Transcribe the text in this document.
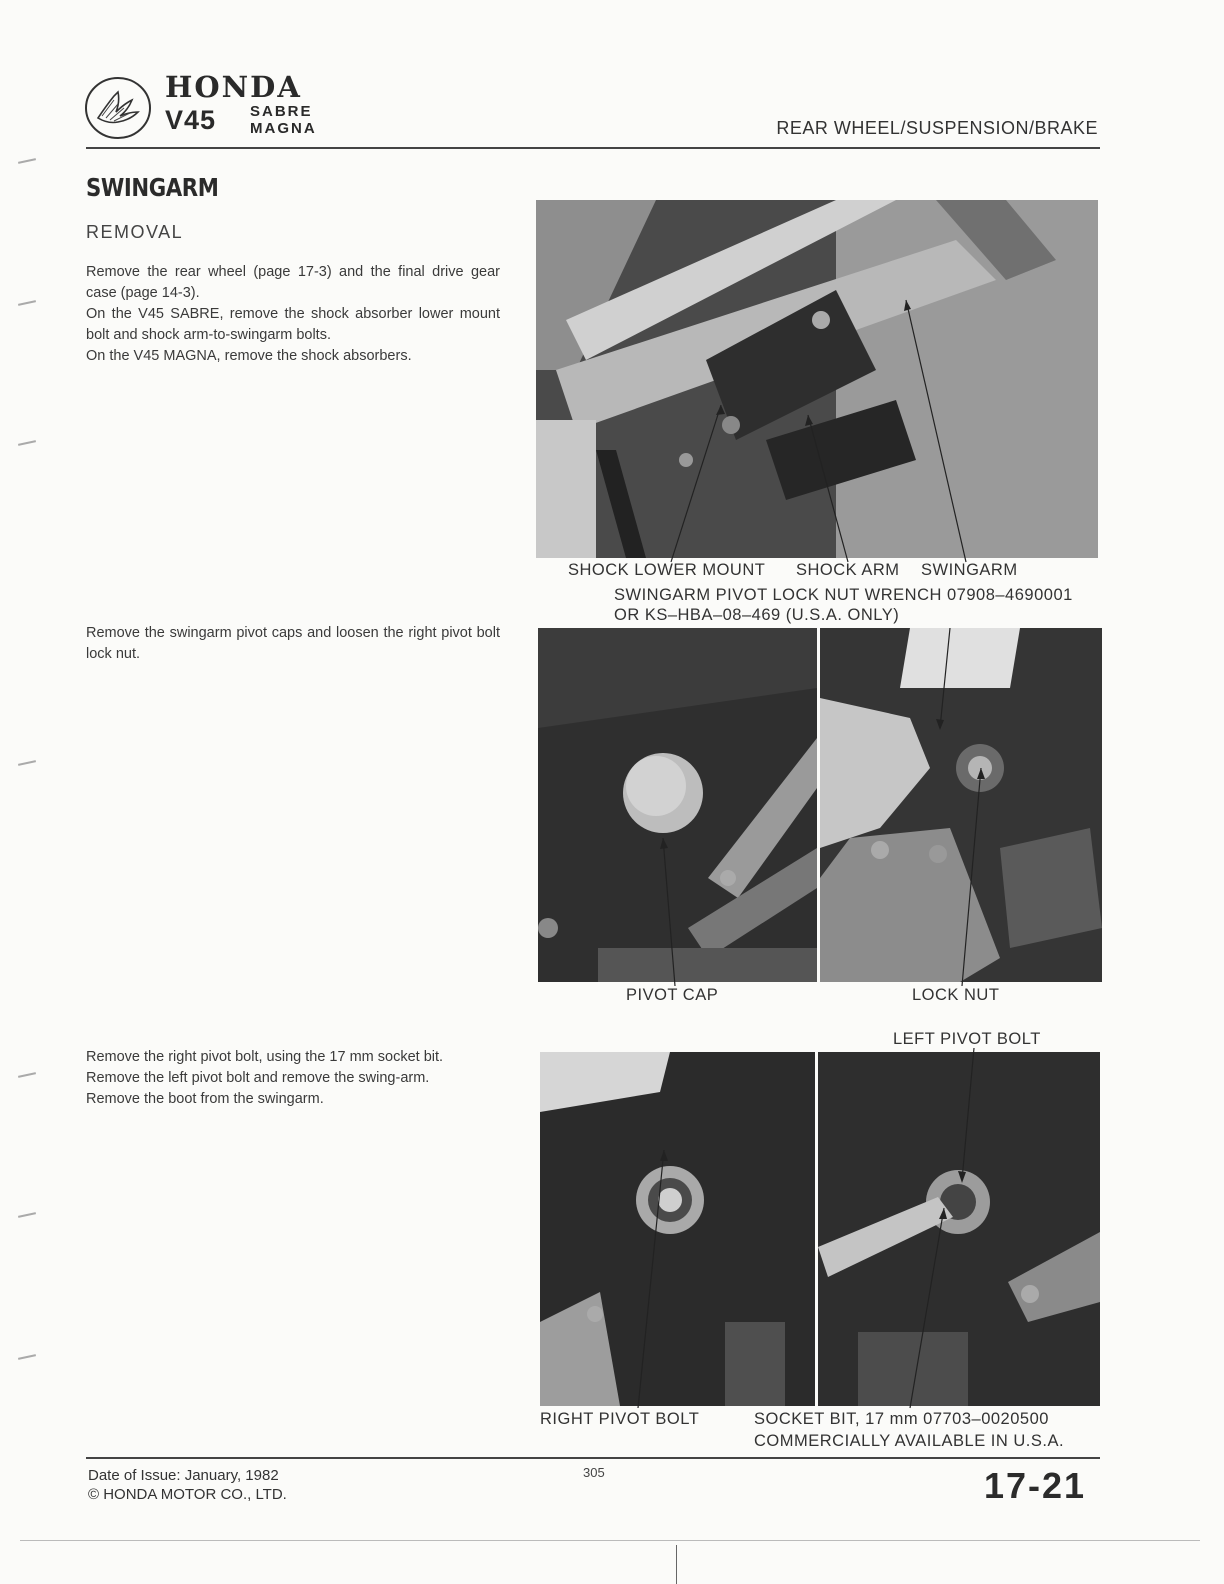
HONDA
V45 SABRE
MAGNA	REAR WHEEL/SUSPENSION/BRAKE
SWINGARM
REMOVAL

Remove the rear wheel (page 17-3) and the final drive gear case (page 14-3).

On the V45 SABRE, remove the shock absorber lower mount bolt and shock arm-to-swingarm bolts.

On the V45 MAGNA, remove the shock absorbers.

SHOCK LOWER MOUNT SHOCK ARM SWINGARM

Remove the swingarm pivot caps and loosen the right pivot bolt lock nut.

SWINGARM PIVOT LOCK NUT WRENCH 07908–4690001
OR KS–HBA–08–469 (U.S.A. ONLY)
PIVOT CAP	LOCK NUT

Remove the right pivot bolt, using the 17 mm socket bit.

Remove the left pivot bolt and remove the swing-arm.

Remove the boot from the swingarm.

LEFT PIVOT BOLT
RIGHT PIVOT BOLT	SOCKET BIT, 17 mm 07703–0020500
COMMERCIALLY AVAILABLE IN U.S.A.
Date of Issue: January, 1982
© HONDA MOTOR CO., LTD.
305	17-21
